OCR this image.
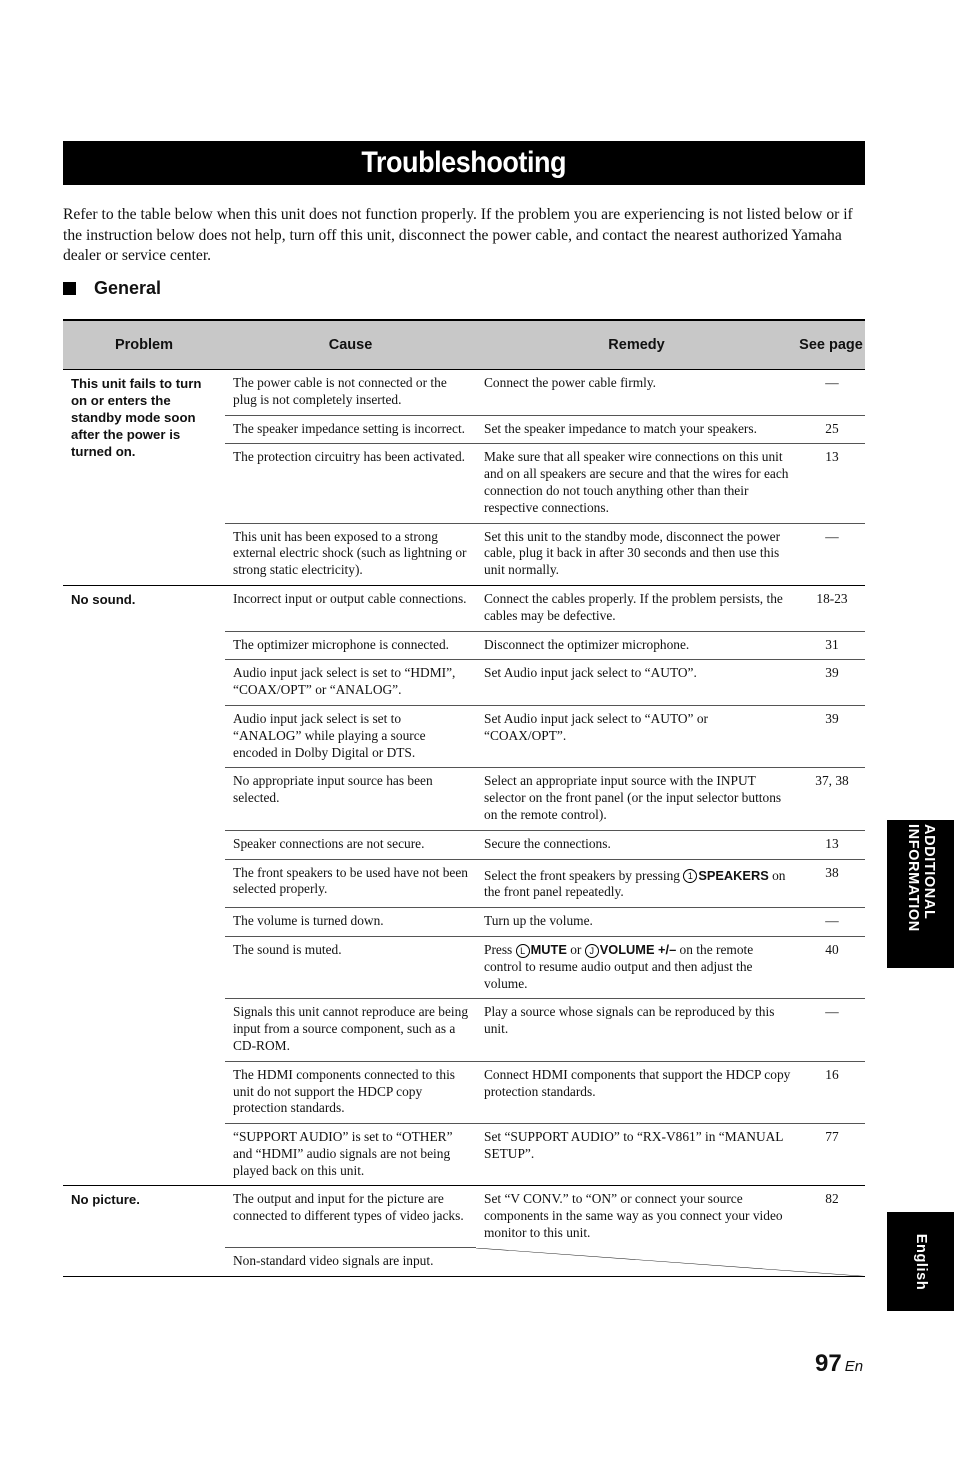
Troubleshooting

Refer to the table below when this unit does not function properly. If the problem you are experiencing is not listed below or if the instruction below does not help, turn off this unit, disconnect the power cable, and contact the nearest authorized Yamaha dealer or service center.

General
Problem	Cause	Remedy	See page
This unit fails to turn on or enters the standby mode soon after the power is turned on.	The power cable is not connected or the plug is not completely inserted.	Connect the power cable firmly.	—
	The speaker impedance setting is incorrect.	Set the speaker impedance to match your speakers.	25
	The protection circuitry has been activated.	Make sure that all speaker wire connections on this unit and on all speakers are secure and that the wires for each connection do not touch anything other than their respective connections.	13
	This unit has been exposed to a strong external electric shock (such as lightning or strong static electricity).	Set this unit to the standby mode, disconnect the power cable, plug it back in after 30 seconds and then use this unit normally.	—
No sound.	Incorrect input or output cable connections.	Connect the cables properly. If the problem persists, the cables may be defective.	18-23
	The optimizer microphone is connected.	Disconnect the optimizer microphone.	31
	Audio input jack select is set to “HDMI”, “COAX/OPT” or “ANALOG”.	Set Audio input jack select to “AUTO”.	39
	Audio input jack select is set to “ANALOG” while playing a source encoded in Dolby Digital or DTS.	Set Audio input jack select to “AUTO” or “COAX/OPT”.	39
	No appropriate input source has been selected.	Select an appropriate input source with the INPUT selector on the front panel (or the input selector buttons on the remote control).	37, 38
	Speaker connections are not secure.	Secure the connections.	13
	The front speakers to be used have not been selected properly.	Select the front speakers by pressing 1 SPEAKERS on the front panel repeatedly.	38
	The volume is turned down.	Turn up the volume.	—
	The sound is muted.	Press L MUTE or J VOLUME +/– on the remote control to resume audio output and then adjust the volume.	40
	Signals this unit cannot reproduce are being input from a source component, such as a CD-ROM.	Play a source whose signals can be reproduced by this unit.	—
	The HDMI components connected to this unit do not support the HDCP copy protection standards.	Connect HDMI components that support the HDCP copy protection standards.	16
	“SUPPORT AUDIO” is set to “OTHER” and “HDMI” audio signals are not being played back on this unit.	Set “SUPPORT AUDIO” to “RX-V861” in “MANUAL SETUP”.	77
No picture.	The output and input for the picture are connected to different types of video jacks.	Set “V CONV.” to “ON” or connect your source components in the same way as you connect your video monitor to this unit.	82
	Non-standard video signals are input.	
ADDITIONAL INFORMATION
English
97 En
